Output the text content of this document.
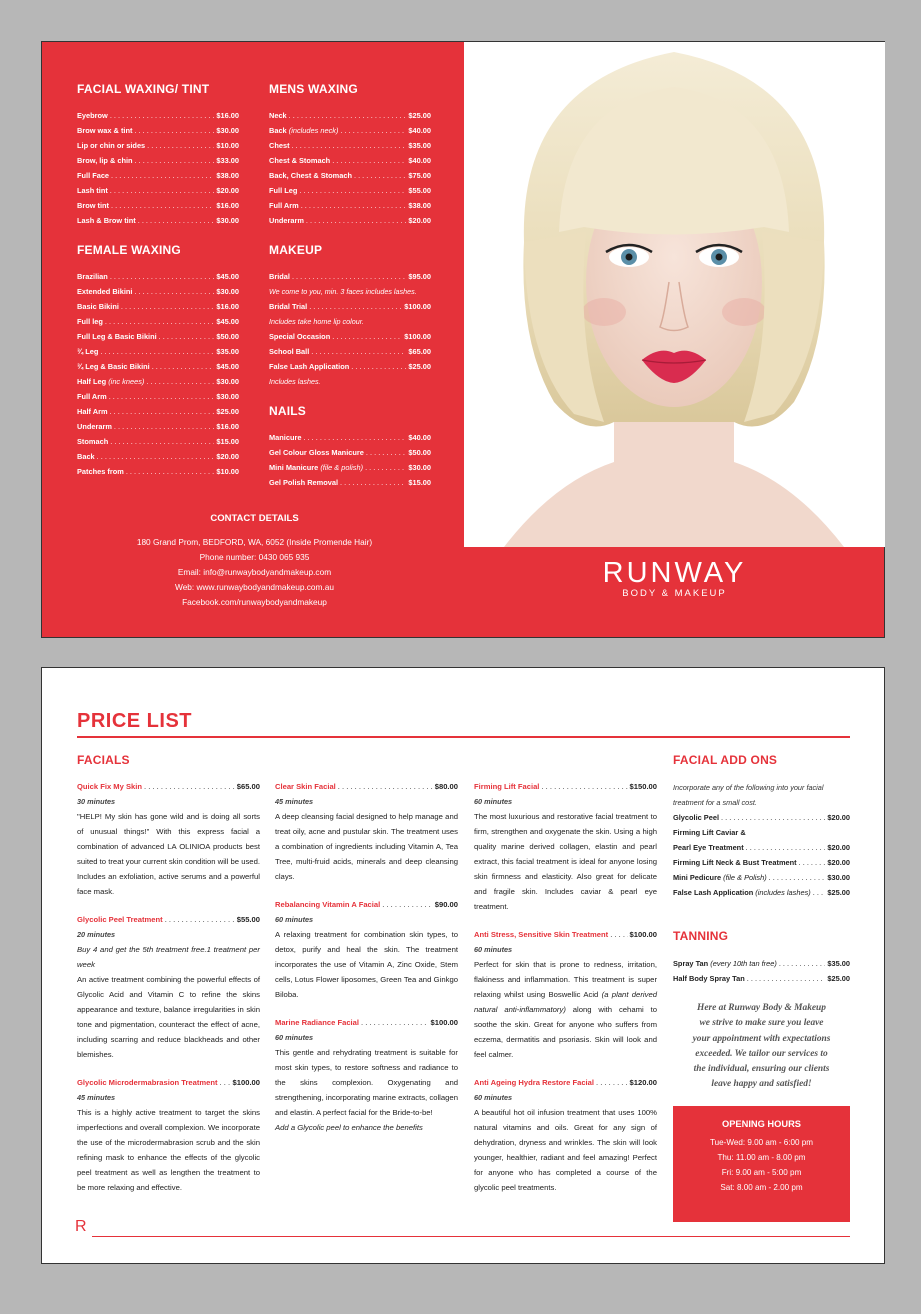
FACIAL WAXING/ TINT
Eyebrow . . .	$16.00
Brow wax & tint . . .	$30.00
Lip or chin or sides . . .	$10.00
Brow, lip & chin . . .	$33.00
Full Face . . .	$38.00
Lash tint . . .	$20.00
Brow tint . . .	$16.00
Lash & Brow tint . . .	$30.00
FEMALE WAXING
Brazilian . . .	$45.00
Extended Bikini . . .	$30.00
Basic Bikini . . .	$16.00
Full leg . . .	$45.00
Full Leg & Basic Bikini . . .	$50.00
¾ Leg . . .	$35.00
¾ Leg & Basic Bikini . . .	$45.00
Half Leg
(inc knees) . . .	$30.00
Full Arm . . .	$30.00
Half Arm . . .	$25.00
Underarm . . .	$16.00
Stomach . . .	$15.00
Back . . .	$20.00
Patches from . . .	$10.00
MENS WAXING
Neck . . .	$25.00
Back
(includes neck) . . .	$40.00
Chest . . .	$35.00
Chest & Stomach . . .	$40.00
Back, Chest & Stomach . . .	$75.00
Full Leg . . .	$55.00
Full Arm . . .	$38.00
Underarm . . .	$20.00
MAKEUP
Bridal . . .	$95.00
We come to you, min. 3 faces includes lashes.
Bridal Trial . . .	$100.00
Includes take home lip colour.
Special Occasion . . .	$100.00
School Ball . . .	$65.00
False Lash Application . . .	$25.00
Includes lashes.
NAILS
Manicure . . .	$40.00
Gel Colour Gloss Manicure . . .	$50.00
Mini Manicure
(file & polish) . . .	$30.00
Gel Polish Removal . . .	$15.00
CONTACT DETAILS
180 Grand Prom, BEDFORD, WA, 6052 (Inside Promende Hair)
Phone number: 0430 065 935
Email: info@runwaybodyandmakeup.com
Web: www.runwaybodyandmakeup.com.au
Facebook.com/runwaybodyandmakeup
RUNWAY
BODY & MAKEUP
PRICE LIST
FACIALS
Quick Fix My Skin . . .	$65.00
30 minutes
"HELP! My skin has gone wild and is doing all sorts of unusual things!" With this express facial a combination of advanced LA OLINIOA products best suited to treat your current skin condition will be used. Includes an exfoliation, active serums and a powerful face mask.
Glycolic Peel Treatment . . .	$55.00
20 minutes
Buy 4 and get the 5th treatment free.1 treatment per week
An active treatment combining the powerful effects of Glycolic Acid and Vitamin C to refine the skins appearance and texture, balance irregularities in skin tone and pigmentation, counteract the effect of acne, including scarring and reduce blackheads and other blemishes.
Glycolic Microdermabrasion Treatment . . . $100.00
45 minutes
This is a highly active treatment to target the skins imperfections and overall complexion. We incorporate the use of the microdermabrasion scrub and the skin refining mask to enhance the effects of the glycolic peel treatment as well as lengthen the treatment to be more relaxing and effective.
Clear Skin Facial . . .	$80.00
45 minutes
A deep cleansing facial designed to help manage and treat oily, acne and pustular skin. The treatment uses a combination of ingredients including Vitamin A, Tea Tree, multi-fruid acids, minerals and deep cleansing clays.
Rebalancing Vitamin A Facial . . .	$90.00
60 minutes
A relaxing treatment for combination skin types, to detox, purify and heal the skin. The treatment incorporates the use of Vitamin A, Zinc Oxide, Stem cells, Lotus Flower liposomes, Green Tea and Ginkgo Biloba.
Marine Radiance Facial . . .	$100.00
60 minutes
This gentle and rehydrating treatment is suitable for most skin types, to restore softness and radiance to the skins complexion. Oxygenating and strengthening, incorporating marine extracts, collagen and elastin. A perfect facial for the Bride-to-be!
Add a Glycolic peel to enhance the benefits
Firming Lift Facial . . .	$150.00
60 minutes
The most luxurious and restorative facial treatment to firm, strengthen and oxygenate the skin. Using a high quality marine derived collagen, elastin and pearl extract, this facial treatment is ideal for anyone losing skin firmness and elasticity. Also great for delicate and fragile skin. Includes caviar & pearl eye treatment.
Anti Stress, Sensitive Skin Treatment . . .	$100.00
60 minutes
Perfect for skin that is prone to redness, irritation, flakiness and inflammation. This treatment is super relaxing whilst using Boswellic Acid (a plant derived natural anti-inflammatory) along with cehami to soothe the skin. Great for anyone who suffers from eczema, dermatitis and psoriasis. Skin will look and feel calmer.
Anti Ageing Hydra Restore Facial . . .	$120.00
60 minutes
A beautiful hot oil infusion treatment that uses 100% natural vitamins and oils. Great for any sign of dehydration, dryness and wrinkles. The skin will look younger, healthier, radiant and feel amazing! Perfect for anyone who has completed a course of the glycolic peel treatments.
FACIAL ADD ONS
Incorporate any of the following into your facial treatment for a small cost.
Glycolic Peel . . .	$20.00
Firming Lift Caviar &
Pearl Eye Treatment . . .	$20.00
Firming Lift Neck & Bust Treatment . . .	$20.00
Mini Pedicure
(file & Polish) . . .	$30.00
False Lash Application
(includes lashes) . . . $25.00
TANNING
Spray Tan
(every 10th tan free) . . .	$35.00
Half Body Spray Tan . . .	$25.00
Here at Runway Body & Makeup
we strive to make sure you leave
your appointment with expectations
exceeded. We tailor our services to
the individual, ensuring our clients
leave happy and satisfied!
OPENING HOURS
Tue-Wed: 9.00 am - 6:00 pm
Thu: 11.00 am - 8.00 pm
Fri: 9.00 am - 5:00 pm
Sat: 8.00 am - 2.00 pm
R
